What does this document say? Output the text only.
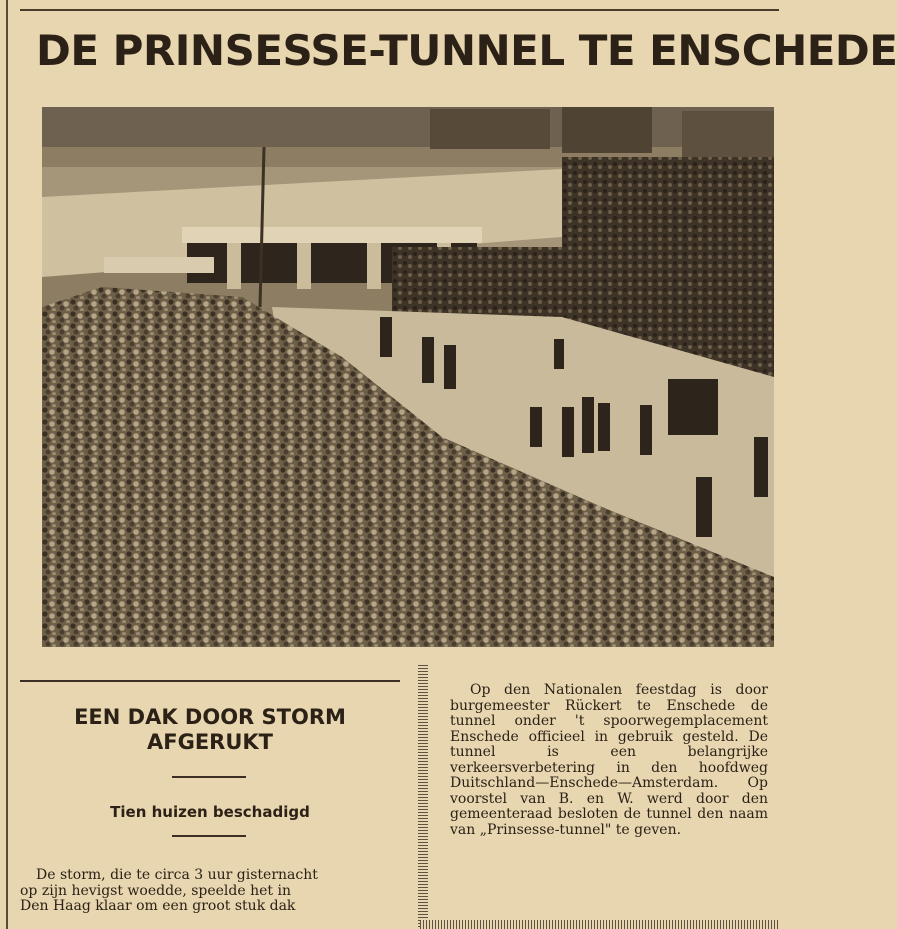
DE PRINSESSE-TUNNEL TE ENSCHEDE
EEN DAK DOOR STORM AFGERUKT
Tien huizen beschadigd

De storm, die te circa 3 uur gisternacht
op zijn hevigst woedde, speelde het in
Den Haag klaar om een groot stuk dak

Op den Nationalen feestdag is door burgemeester Rückert te Enschede de tunnel onder 't spoorwegemplacement Enschede officieel in gebruik gesteld. De tunnel is een belangrijke verkeersverbetering in den hoofdweg Duitschland—Enschede—Amsterdam. Op voorstel van B. en W. werd door den gemeenteraad besloten de tunnel den naam van „Prinsesse-tunnel" te geven.
